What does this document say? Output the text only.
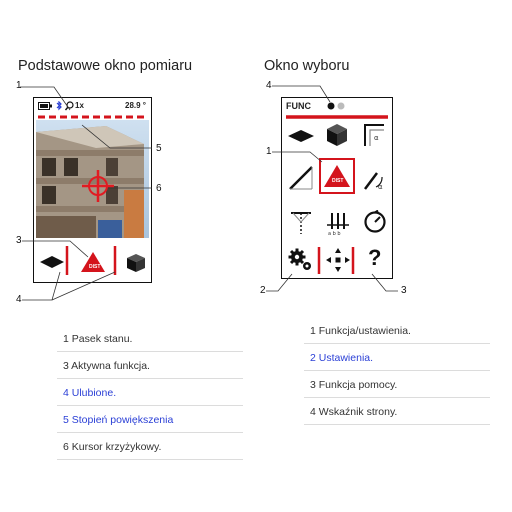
Podstawowe okno pomiaru	Okno wyboru
1x	28.9 °
DIST
FUNC
α
DIST
α
a b b
?
1
5
6
3
4
4
1
2	3
1 Pasek stanu.
3 Aktywna funkcja.
4 Ulubione.
5 Stopień powiększenia
6 Kursor krzyżykowy.
1 Funkcja/ustawienia.
2 Ustawienia.
3 Funkcja pomocy.
4 Wskaźnik strony.
